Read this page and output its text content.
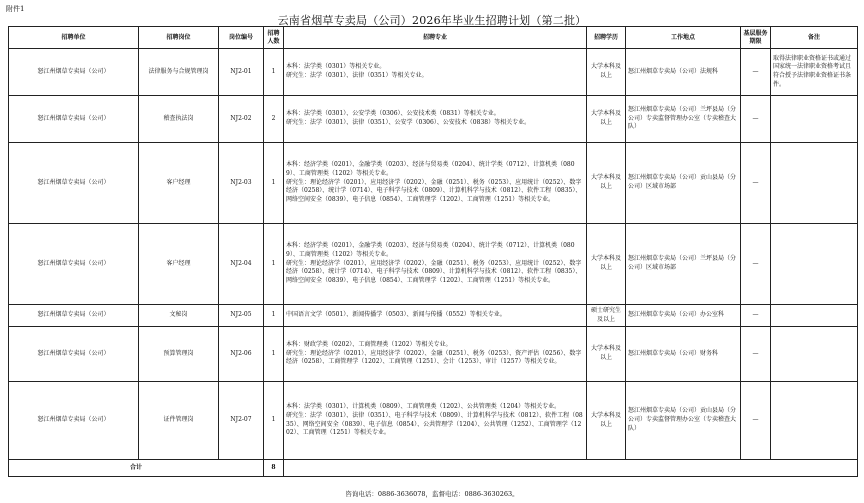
附件1
云南省烟草专卖局（公司）2026年毕业生招聘计划（第二批）
招聘单位	招聘岗位	岗位编号	招聘人数	招聘专业	招聘学历	工作地点	基层服务期限	备注
怒江州烟草专卖局（公司）	法律服务与合规管理岗	NJ2-01	1	本科：法学类（0301）等相关专业。
研究生：法学（0301）、法律（0351）等相关专业。	大学本科及以上	怒江州烟草专卖局（公司）法规科	—	取得法律职业资格证书或通过国家统一法律职业资格考试且符合授予法律职业资格证书条件。
怒江州烟草专卖局（公司）	稽查执法岗	NJ2-02	2	本科：法学类（0301）、公安学类（0306）、公安技术类（0831）等相关专业。
研究生：法学（0301）、法律（0351）、公安学（0306）、公安技术（0838）等相关专业。	大学本科及以上	怒江州烟草专卖局（公司）兰坪县局（分公司）专卖监督管理办公室（专卖稽查大队）	—	
怒江州烟草专卖局（公司）	客户经理	NJ2-03	1	本科：经济学类（0201）、金融学类（0203）、经济与贸易类（0204）、统计学类（0712）、计算机类（0809）、工商管理类（1202）等相关专业。
研究生：理论经济学（0201）、应用经济学（0202）、金融（0251）、税务（0253）、应用统计（0252）、数字经济（0258）、统计学（0714）、电子科学与技术（0809）、计算机科学与技术（0812）、软件工程（0835）、网络空间安全（0839）、电子信息（0854）、工商管理学（1202）、工商管理（1251）等相关专业。	大学本科及以上	怒江州烟草专卖局（公司）贡山县局（分公司）区域市场部	—	
怒江州烟草专卖局（公司）	客户经理	NJ2-04	1	本科：经济学类（0201）、金融学类（0203）、经济与贸易类（0204）、统计学类（0712）、计算机类（0809）、工商管理类（1202）等相关专业。
研究生：理论经济学（0201）、应用经济学（0202）、金融（0251）、税务（0253）、应用统计（0252）、数字经济（0258）、统计学（0714）、电子科学与技术（0809）、计算机科学与技术（0812）、软件工程（0835）、网络空间安全（0839）、电子信息（0854）、工商管理学（1202）、工商管理（1251）等相关专业。	大学本科及以上	怒江州烟草专卖局（公司）兰坪县局（分公司）区域市场部	—	
怒江州烟草专卖局（公司）	文秘岗	NJ2-05	1	中国语言文学（0501）、新闻传播学（0503）、新闻与传播（0552）等相关专业。	硕士研究生及以上	怒江州烟草专卖局（公司）办公室科	—	
怒江州烟草专卖局（公司）	预算管理岗	NJ2-06	1	本科：财政学类（0202）、工商管理类（1202）等相关专业。
研究生：理论经济学（0201）、应用经济学（0202）、金融（0251）、税务（0253）、资产评估（0256）、数字经济（0258）、工商管理学（1202）、工商管理（1251）、会计（1253）、审计（1257）等相关专业。	大学本科及以上	怒江州烟草专卖局（公司）财务科	—	
怒江州烟草专卖局（公司）	证件管理岗	NJ2-07	1	本科：法学类（0301）、计算机类（0809）、工商管理类（1202）、公共管理类（1204）等相关专业。
研究生：法学（0301）、法律（0351）、电子科学与技术（0809）、计算机科学与技术（0812）、软件工程（0835）、网络空间安全（0839）、电子信息（0854）、公共管理学（1204）、公共管理（1252）、工商管理学（1202）、工商管理（1251）等相关专业。	大学本科及以上	怒江州烟草专卖局（公司）贡山县局（分公司）专卖监督管理办公室（专卖稽查大队）	—	
合计			8					
咨询电话：0886-3636078，监督电话：0886-3630263。
